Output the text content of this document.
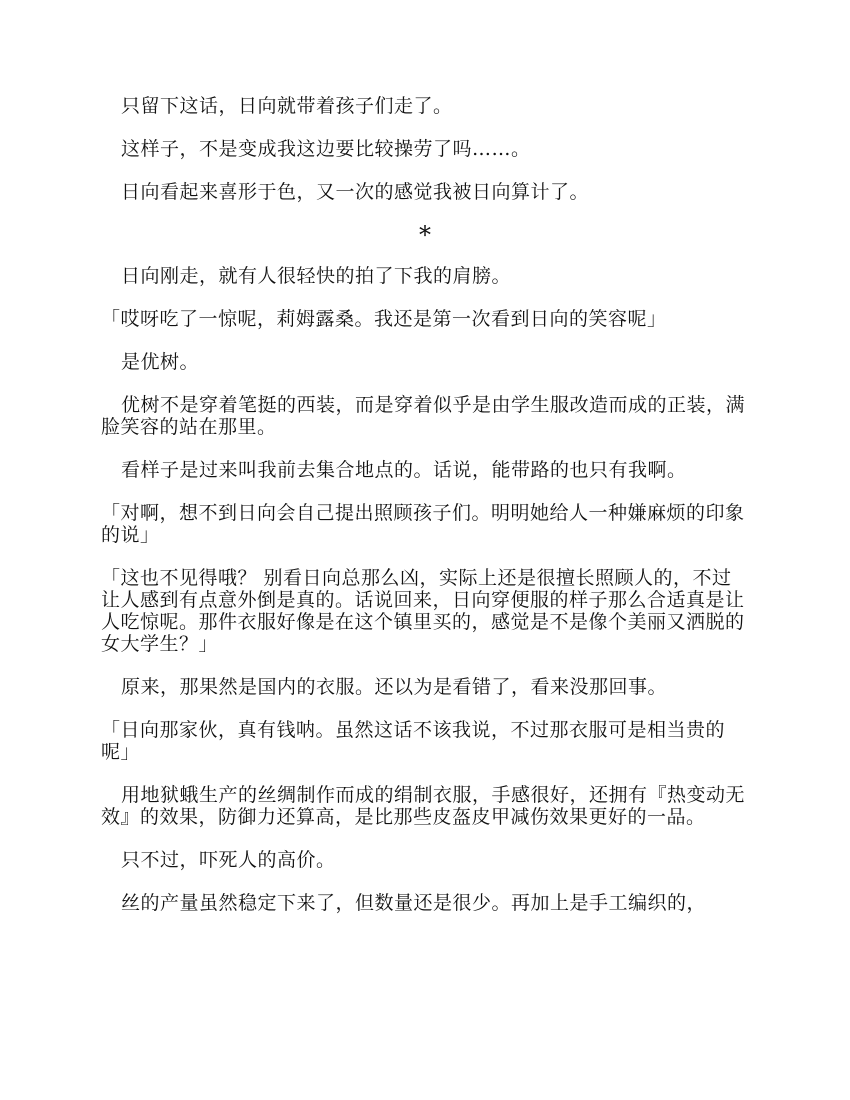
只留下这话，日向就带着孩子们走了。

这样子，不是变成我这边要比较操劳了吗……。

日向看起来喜形于色，又一次的感觉我被日向算计了。

*

日向刚走，就有人很轻快的拍了下我的肩膀。

「哎呀吃了一惊呢，莉姆露桑。我还是第一次看到日向的笑容呢」

是优树。

优树不是穿着笔挺的西装，而是穿着似乎是由学生服改造而成的正装，满脸笑容的站在那里。

看样子是过来叫我前去集合地点的。话说，能带路的也只有我啊。

「对啊，想不到日向会自己提出照顾孩子们。明明她给人一种嫌麻烦的印象的说」

「这也不见得哦？ 别看日向总那么凶，实际上还是很擅长照顾人的，不过让人感到有点意外倒是真的。话说回来，日向穿便服的样子那么合适真是让人吃惊呢。那件衣服好像是在这个镇里买的，感觉是不是像个美丽又洒脱的女大学生？」

原来，那果然是国内的衣服。还以为是看错了，看来没那回事。

「日向那家伙，真有钱呐。虽然这话不该我说，不过那衣服可是相当贵的呢」

用地狱蛾生产的丝绸制作而成的绢制衣服，手感很好，还拥有『热变动无效』的效果，防御力还算高，是比那些皮盔皮甲减伤效果更好的一品。

只不过，吓死人的高价。

丝的产量虽然稳定下来了，但数量还是很少。再加上是手工编织的，
